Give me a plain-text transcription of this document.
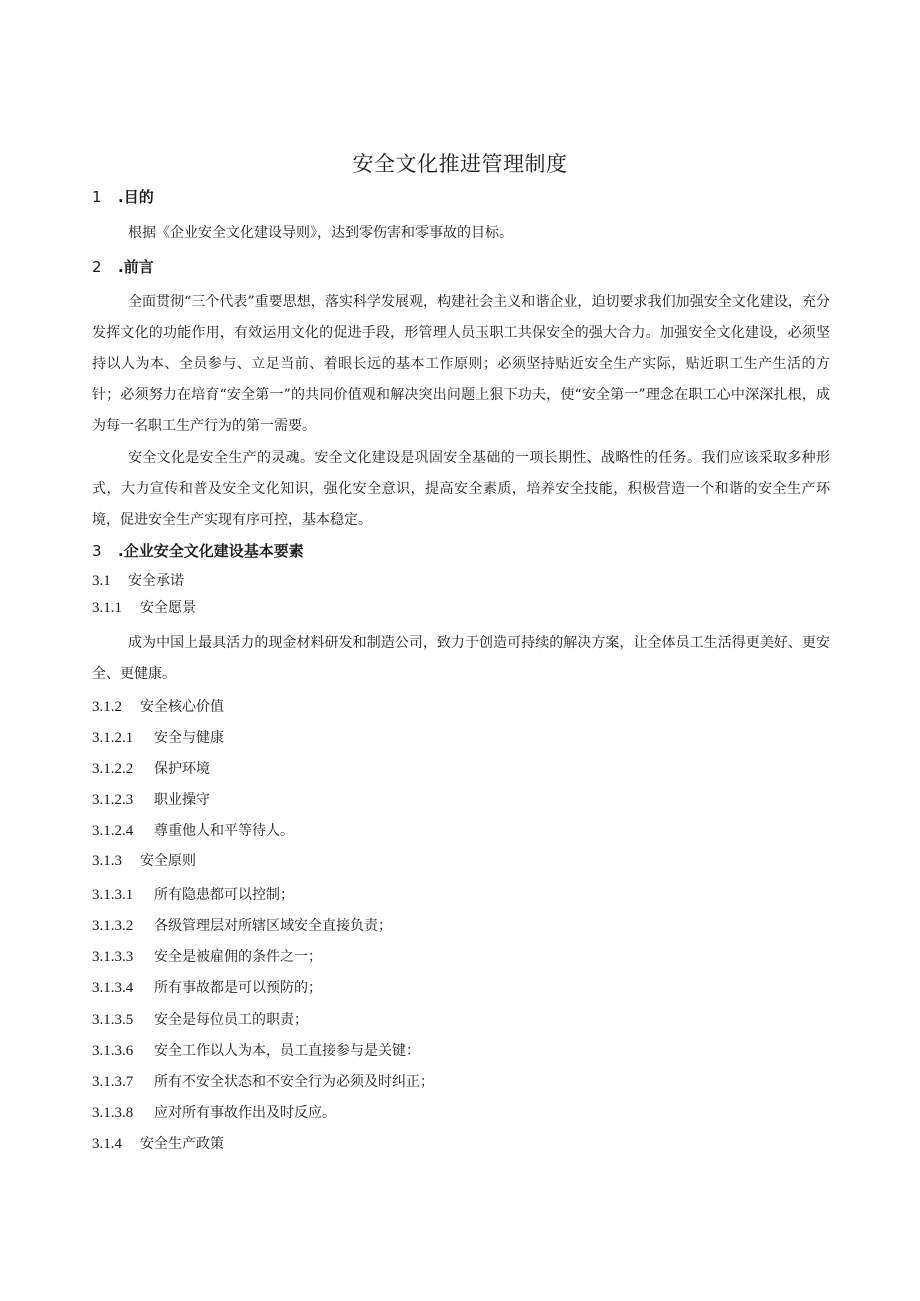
安全文化推进管理制度
1 .目的
根据《企业安全文化建设导则》，达到零伤害和零事故的目标。
2 .前言
全面贯彻“三个代表”重要思想，落实科学发展观，构建社会主义和谐企业，迫切要求我们加强安全文化建设，充分发挥文化的功能作用，有效运用文化的促进手段，形管理人员玉职工共保安全的强大合力。加强安全文化建设，必须坚持以人为本、全员参与、立足当前、着眼长远的基本工作原则；必须坚持贴近安全生产实际，贴近职工生产生活的方针；必须努力在培育“安全第一”的共同价值观和解决突出问题上狠下功夫，使“安全第一”理念在职工心中深深扎根，成为每一名职工生产行为的第一需要。
安全文化是安全生产的灵魂。安全文化建设是巩固安全基础的一项长期性、战略性的任务。我们应该采取多种形式，大力宣传和普及安全文化知识，强化安全意识，提高安全素质，培养安全技能，积极营造一个和谐的安全生产环境，促进安全生产实现有序可控，基本稳定。
3 .企业安全文化建设基本要素
3.1 安全承诺
3.1.1 安全愿景
成为中国上最具活力的现金材料研发和制造公司，致力于创造可持续的解决方案，让全体员工生活得更美好、更安全、更健康。
3.1.2 安全核心价值
3.1.2.1 安全与健康
3.1.2.2 保护环境
3.1.2.3 职业操守
3.1.2.4 尊重他人和平等待人。
3.1.3 安全原则
3.1.3.1 所有隐患都可以控制；
3.1.3.2 各级管理层对所辖区域安全直接负责；
3.1.3.3 安全是被雇佣的条件之一；
3.1.3.4 所有事故都是可以预防的；
3.1.3.5 安全是每位员工的职责；
3.1.3.6 安全工作以人为本，员工直接参与是关键：
3.1.3.7 所有不安全状态和不安全行为必须及时纠正；
3.1.3.8 应对所有事故作出及时反应。
3.1.4 安全生产政策
